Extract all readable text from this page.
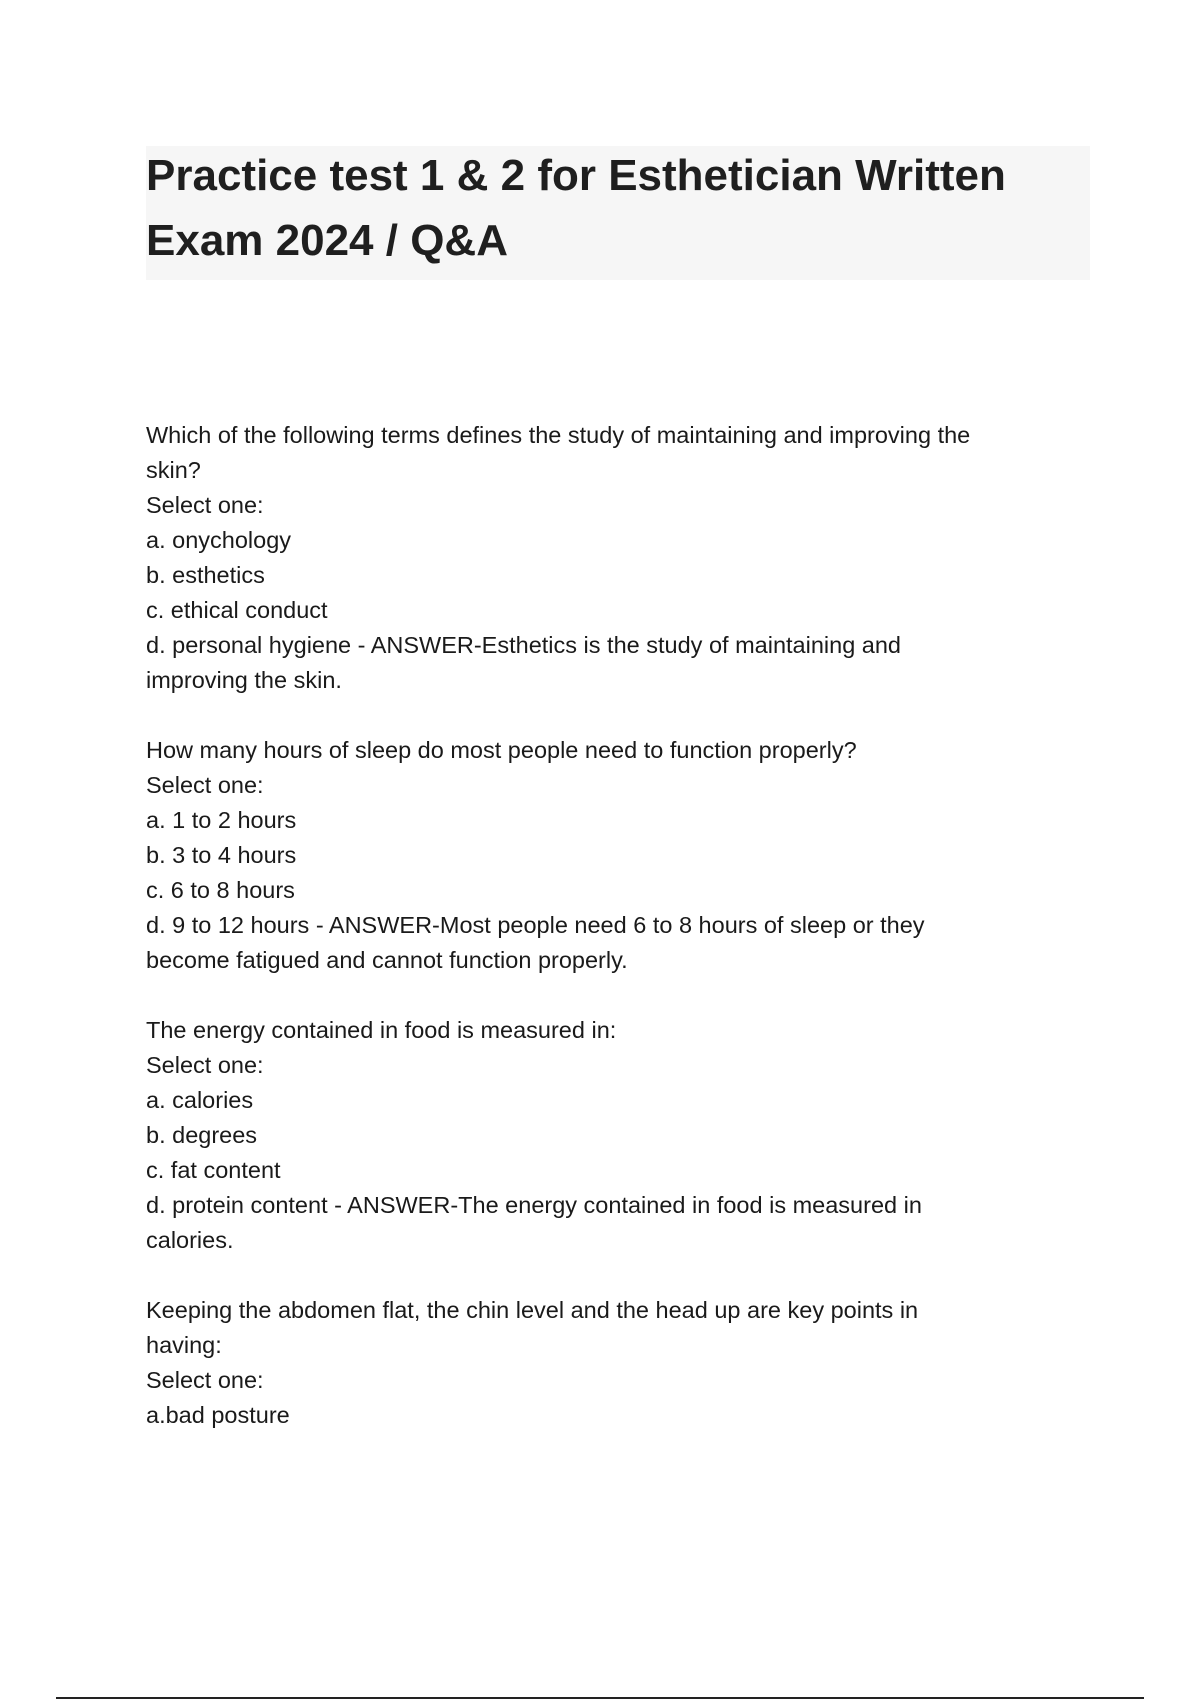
Practice test 1 & 2 for Esthetician Written
Exam 2024 / Q&A
Which of the following terms defines the study of maintaining and improving the
skin?
Select one:
a. onychology
b. esthetics
c. ethical conduct
d. personal hygiene - ANSWER-Esthetics is the study of maintaining and
improving the skin.
How many hours of sleep do most people need to function properly?
Select one:
a. 1 to 2 hours
b. 3 to 4 hours
c. 6 to 8 hours
d. 9 to 12 hours - ANSWER-Most people need 6 to 8 hours of sleep or they
become fatigued and cannot function properly.
The energy contained in food is measured in:
Select one:
a. calories
b. degrees
c. fat content
d. protein content - ANSWER-The energy contained in food is measured in
calories.
Keeping the abdomen flat, the chin level and the head up are key points in
having:
Select one:
a.bad posture
